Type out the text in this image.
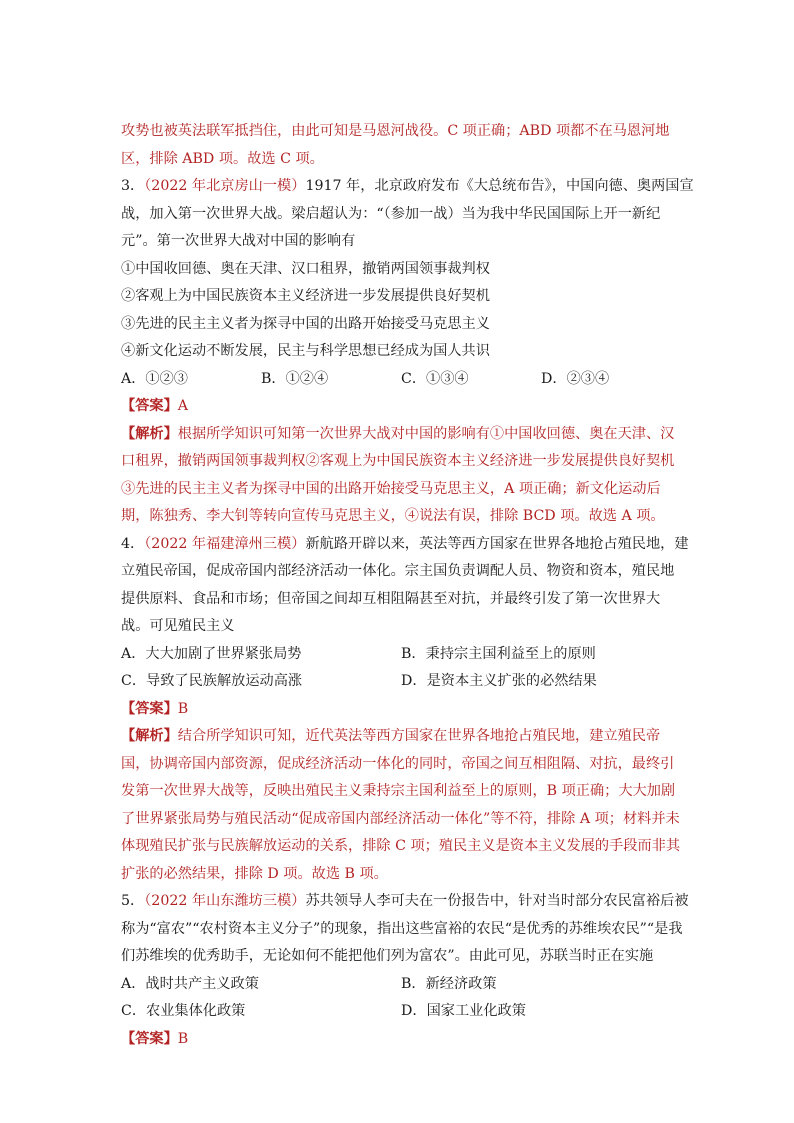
攻势也被英法联军抵挡住，由此可知是马恩河战役。C 项正确；ABD 项都不在马恩河地
区，排除 ABD 项。故选 C 项。
3．（2022 年北京房山一模）1917 年，北京政府发布《大总统布告》，中国向德、奥两国宣
战，加入第一次世界大战。梁启超认为：“（参加一战）当为我中华民国国际上开一新纪
元”。第一次世界大战对中国的影响有
①中国收回德、奥在天津、汉口租界，撤销两国领事裁判权
②客观上为中国民族资本主义经济进一步发展提供良好契机
③先进的民主主义者为探寻中国的出路开始接受马克思主义
④新文化运动不断发展，民主与科学思想已经成为国人共识
A．①②③	B．①②④	C．①③④	D．②③④
【答案】A
【解析】根据所学知识可知第一次世界大战对中国的影响有①中国收回德、奥在天津、汉
口租界，撤销两国领事裁判权②客观上为中国民族资本主义经济进一步发展提供良好契机
③先进的民主主义者为探寻中国的出路开始接受马克思主义，A 项正确；新文化运动后
期，陈独秀、李大钊等转向宣传马克思主义，④说法有误，排除 BCD 项。故选 A 项。
4．（2022 年福建漳州三模）新航路开辟以来，英法等西方国家在世界各地抢占殖民地，建
立殖民帝国，促成帝国内部经济活动一体化。宗主国负责调配人员、物资和资本，殖民地
提供原料、食品和市场；但帝国之间却互相阻隔甚至对抗，并最终引发了第一次世界大
战。可见殖民主义
A．大大加剧了世界紧张局势	B．秉持宗主国利益至上的原则
C．导致了民族解放运动高涨	D．是资本主义扩张的必然结果
【答案】B
【解析】结合所学知识可知，近代英法等西方国家在世界各地抢占殖民地，建立殖民帝
国，协调帝国内部资源，促成经济活动一体化的同时，帝国之间互相阻隔、对抗，最终引
发第一次世界大战等，反映出殖民主义秉持宗主国利益至上的原则，B 项正确；大大加剧
了世界紧张局势与殖民活动“促成帝国内部经济活动一体化”等不符，排除 A 项；材料并未
体现殖民扩张与民族解放运动的关系，排除 C 项；殖民主义是资本主义发展的手段而非其
扩张的必然结果，排除 D 项。故选 B 项。
5．（2022 年山东潍坊三模）苏共领导人李可夫在一份报告中，针对当时部分农民富裕后被
称为“富农”“农村资本主义分子”的现象，指出这些富裕的农民“是优秀的苏维埃农民”“是我
们苏维埃的优秀助手，无论如何不能把他们列为富农”。由此可见，苏联当时正在实施
A．战时共产主义政策	B．新经济政策
C．农业集体化政策	D．国家工业化政策
【答案】B
